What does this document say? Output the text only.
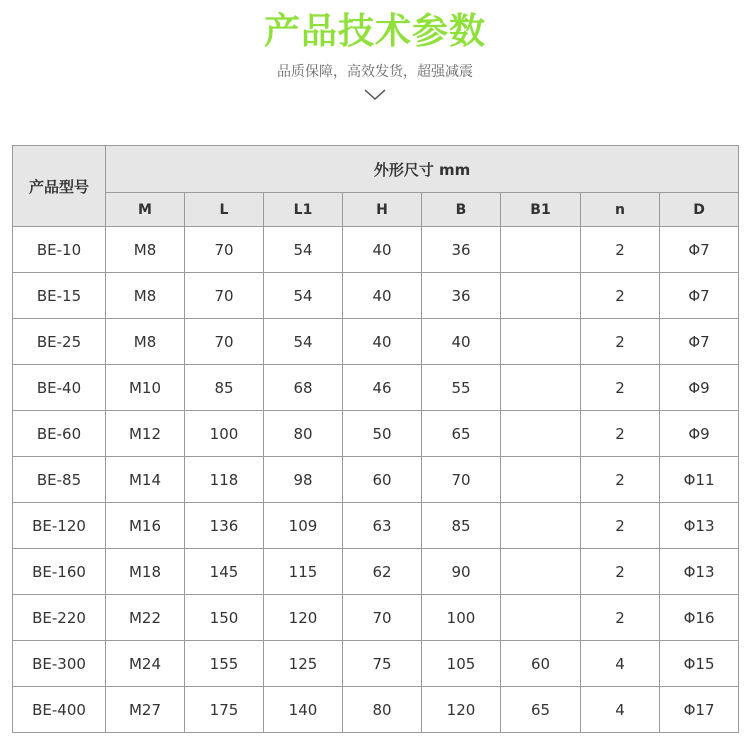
产品技术参数
品质保障，高效发货，超强减震
产品型号	外形尺寸 mm							
	M	L	L1	H	B	B1	n	D
BE-10	M8	70	54	40	36		2	Φ7
BE-15	M8	70	54	40	36		2	Φ7
BE-25	M8	70	54	40	40		2	Φ7
BE-40	M10	85	68	46	55		2	Φ9
BE-60	M12	100	80	50	65		2	Φ9
BE-85	M14	118	98	60	70		2	Φ11
BE-120	M16	136	109	63	85		2	Φ13
BE-160	M18	145	115	62	90		2	Φ13
BE-220	M22	150	120	70	100		2	Φ16
BE-300	M24	155	125	75	105	60	4	Φ15
BE-400	M27	175	140	80	120	65	4	Φ17
